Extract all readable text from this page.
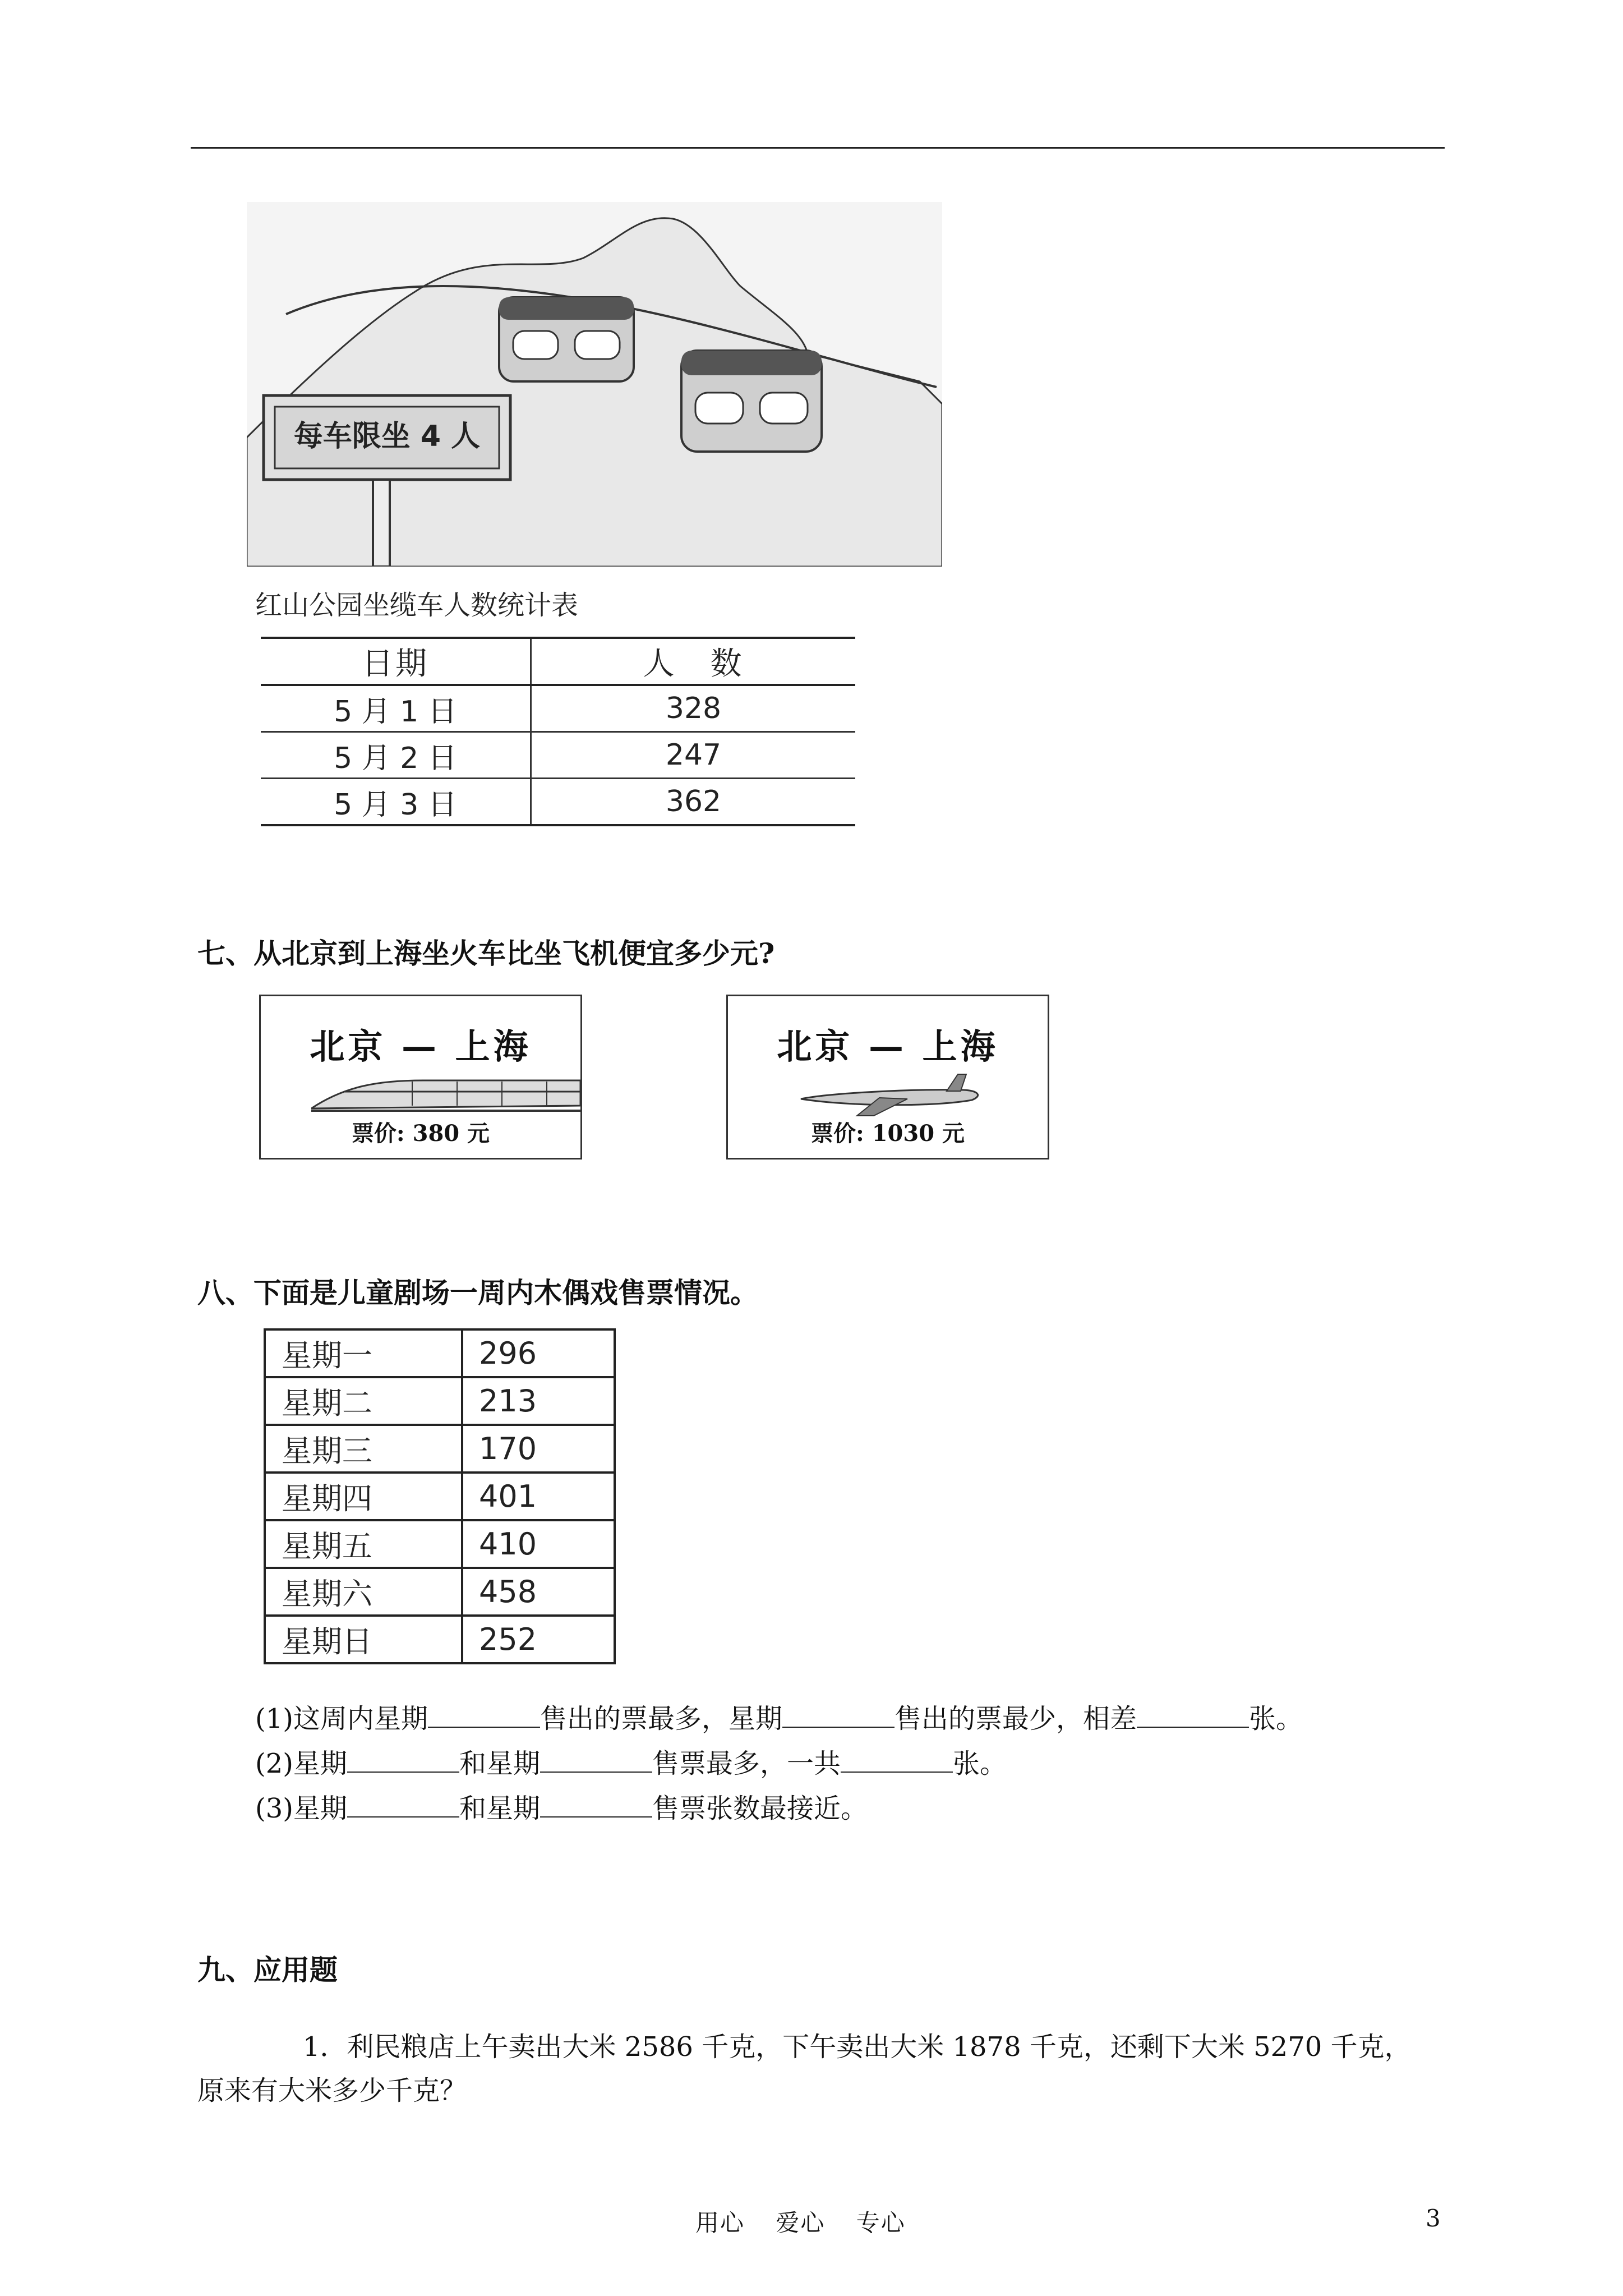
每车限坐 4 人
红山公园坐缆车人数统计表
日期	人　数
5 月 1 日	328
5 月 2 日	247
5 月 3 日	362
七、从北京到上海坐火车比坐飞机便宜多少元?
北京 — 上海
票价: 380 元
北京 — 上海
票价: 1030 元
八、下面是儿童剧场一周内木偶戏售票情况。
星期一	296
星期二	213
星期三	170
星期四	401
星期五	410
星期六	458
星期日	252
(1)这周内星期	售出的票最多，星期	售出的票最少，相差	张。
(2)星期	和星期	售票最多，一共	张。
(3)星期	和星期	售票张数最接近。
九、应用题
1．利民粮店上午卖出大米 2586 千克，下午卖出大米 1878 千克，还剩下大米 5270 千克，
原来有大米多少千克？
用心 爱心 专心	3
